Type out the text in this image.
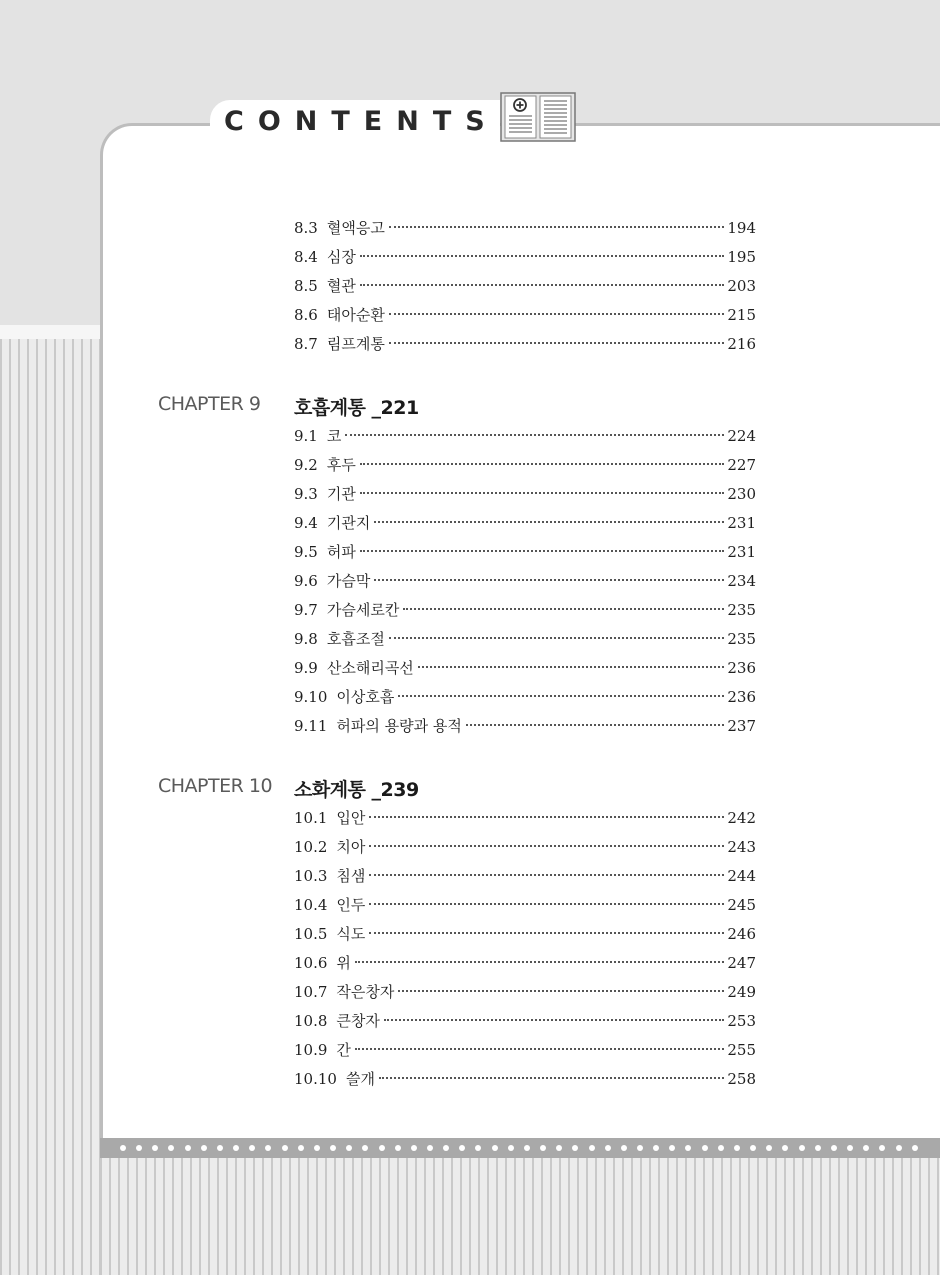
CONTENTS
8.3 혈액응고	194
8.4 심장	195
8.5 혈관	203
8.6 태아순환	215
8.7 림프계통	216
CHAPTER 9 호흡계통 _221
9.1 코	224
9.2 후두	227
9.3 기관	230
9.4 기관지	231
9.5 허파	231
9.6 가슴막	234
9.7 가슴세로칸	235
9.8 호흡조절	235
9.9 산소해리곡선	236
9.10 이상호흡	236
9.11 허파의 용량과 용적	237
CHAPTER 10 소화계통 _239
10.1 입안	242
10.2 치아	243
10.3 침샘	244
10.4 인두	245
10.5 식도	246
10.6 위	247
10.7 작은창자	249
10.8 큰창자	253
10.9 간	255
10.10 쓸개	258
